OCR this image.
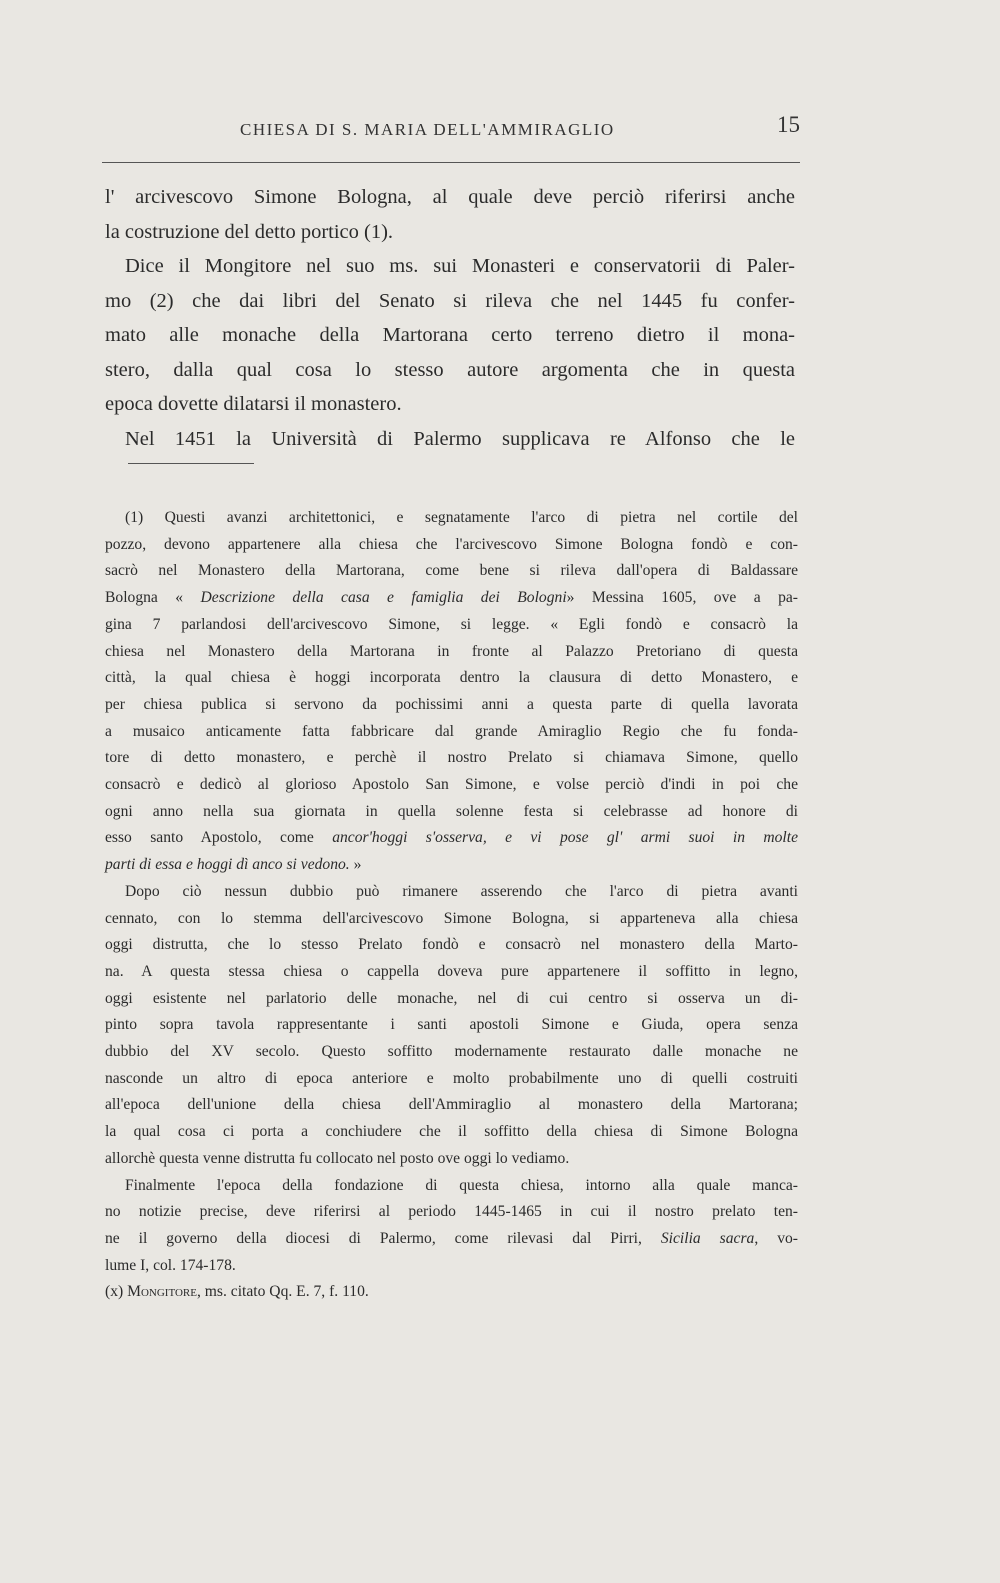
CHIESA DI S. MARIA DELL'AMMIRAGLIO	15
l' arcivescovo Simone Bologna, al quale deve perciò riferirsi anche
la costruzione del detto portico (1).
Dice il Mongitore nel suo ms. sui Monasteri e conservatorii di Paler-
mo (2) che dai libri del Senato si rileva che nel 1445 fu confer-
mato alle monache della Martorana certo terreno dietro il mona-
stero, dalla qual cosa lo stesso autore argomenta che in questa
epoca dovette dilatarsi il monastero.
Nel 1451 la Università di Palermo supplicava re Alfonso che le
(1) Questi avanzi architettonici, e segnatamente l'arco di pietra nel cortile del
pozzo, devono appartenere alla chiesa che l'arcivescovo Simone Bologna fondò e con-
sacrò nel Monastero della Martorana, come bene si rileva dall'opera di Baldassare
Bologna « Descrizione della casa e famiglia dei Bologni» Messina 1605, ove a pa-
gina 7 parlandosi dell'arcivescovo Simone, si legge. « Egli fondò e consacrò la
chiesa nel Monastero della Martorana in fronte al Palazzo Pretoriano di questa
città, la qual chiesa è hoggi incorporata dentro la clausura di detto Monastero, e
per chiesa publica si servono da pochissimi anni a questa parte di quella lavorata
a musaico anticamente fatta fabbricare dal grande Amiraglio Regio che fu fonda-
tore di detto monastero, e perchè il nostro Prelato si chiamava Simone, quello
consacrò e dedicò al glorioso Apostolo San Simone, e volse perciò d'indi in poi che
ogni anno nella sua giornata in quella solenne festa si celebrasse ad honore di
esso santo Apostolo, come ancor'hoggi s'osserva, e vi pose gl' armi suoi in molte
parti di essa e hoggi dì anco si vedono. »
Dopo ciò nessun dubbio può rimanere asserendo che l'arco di pietra avanti
cennato, con lo stemma dell'arcivescovo Simone Bologna, si apparteneva alla chiesa
oggi distrutta, che lo stesso Prelato fondò e consacrò nel monastero della Marto-
na. A questa stessa chiesa o cappella doveva pure appartenere il soffitto in legno,
oggi esistente nel parlatorio delle monache, nel di cui centro si osserva un di-
pinto sopra tavola rappresentante i santi apostoli Simone e Giuda, opera senza
dubbio del XV secolo. Questo soffitto modernamente restaurato dalle monache ne
nasconde un altro di epoca anteriore e molto probabilmente uno di quelli costruiti
all'epoca dell'unione della chiesa dell'Ammiraglio al monastero della Martorana;
la qual cosa ci porta a conchiudere che il soffitto della chiesa di Simone Bologna
allorchè questa venne distrutta fu collocato nel posto ove oggi lo vediamo.
Finalmente l'epoca della fondazione di questa chiesa, intorno alla quale manca-
no notizie precise, deve riferirsi al periodo 1445-1465 in cui il nostro prelato ten-
ne il governo della diocesi di Palermo, come rilevasi dal Pirri, Sicilia sacra, vo-
lume I, col. 174-178.
(x) Mongitore, ms. citato Qq. E. 7, f. 110.
